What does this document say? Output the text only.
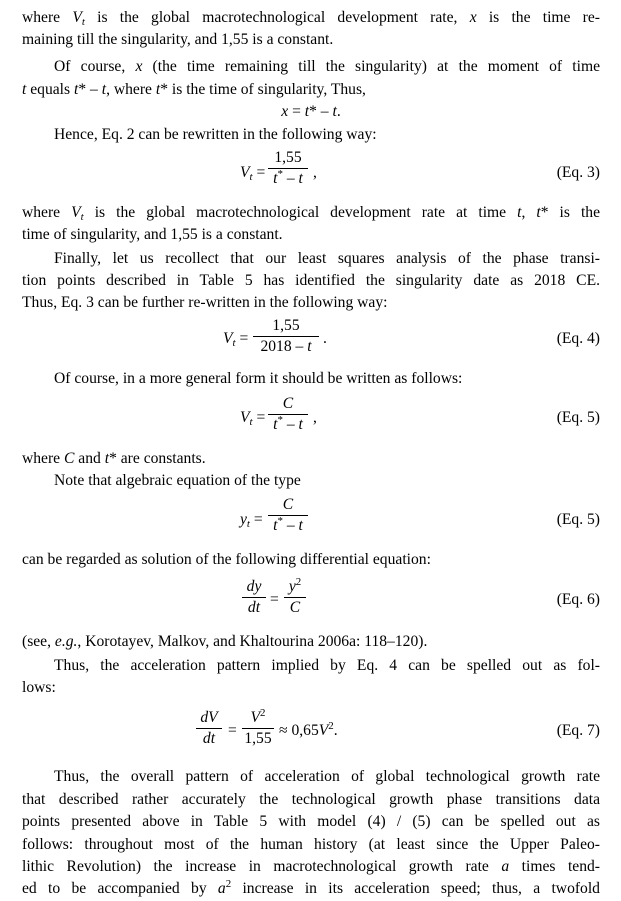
where $V_t$ is the global macrotechnological development rate, x is the time re-
maining till the singularity, and 1,55 is a constant.
Of course, x (the time remaining till the singularity) at the moment of time
t equals t* – t, where t* is the time of singularity, Thus,
x = t* – t.
Hence, Eq. 2 can be rewritten in the following way:
$V_t$ =
1,55
t* – t ,	(Eq. 3)
where $V_t$ is the global macrotechnological development rate at time t, t* is the
time of singularity, and 1,55 is a constant.
Finally, let us recollect that our least squares analysis of the phase transi-
tion points described in Table 5 has identified the singularity date as 2018 CE.
Thus, Eq. 3 can be further re-written in the following way:
$V_t$ =
1,55
2018 – t .	(Eq. 4)
Of course, in a more general form it should be written as follows:
$V_t$ =
C
t* – t ,	(Eq. 5)
where C and t* are constants.
Note that algebraic equation of the type
$y_t$ =
C
t* – t	(Eq. 5)
can be regarded as solution of the following differential equation:
dy
dt =
$y^2$
C	(Eq. 6)
(see, e.g., Korotayev, Malkov, and Khaltourina 2006a: 118–120).
Thus, the acceleration pattern implied by Eq. 4 can be spelled out as fol-
lows:
dV
dt =
$V^2$
$1,55 \approx 0,65V^2$.	(Eq. 7)
Thus, the overall pattern of acceleration of global technological growth rate
that described rather accurately the technological growth phase transitions data
points presented above in Table 5 with model (4) / (5) can be spelled out as
follows: throughout most of the human history (at least since the Upper Paleo-
lithic Revolution) the increase in macrotechnological growth rate a times tend-
ed to be accompanied by $a^2$ increase in its acceleration speed; thus, a twofold
